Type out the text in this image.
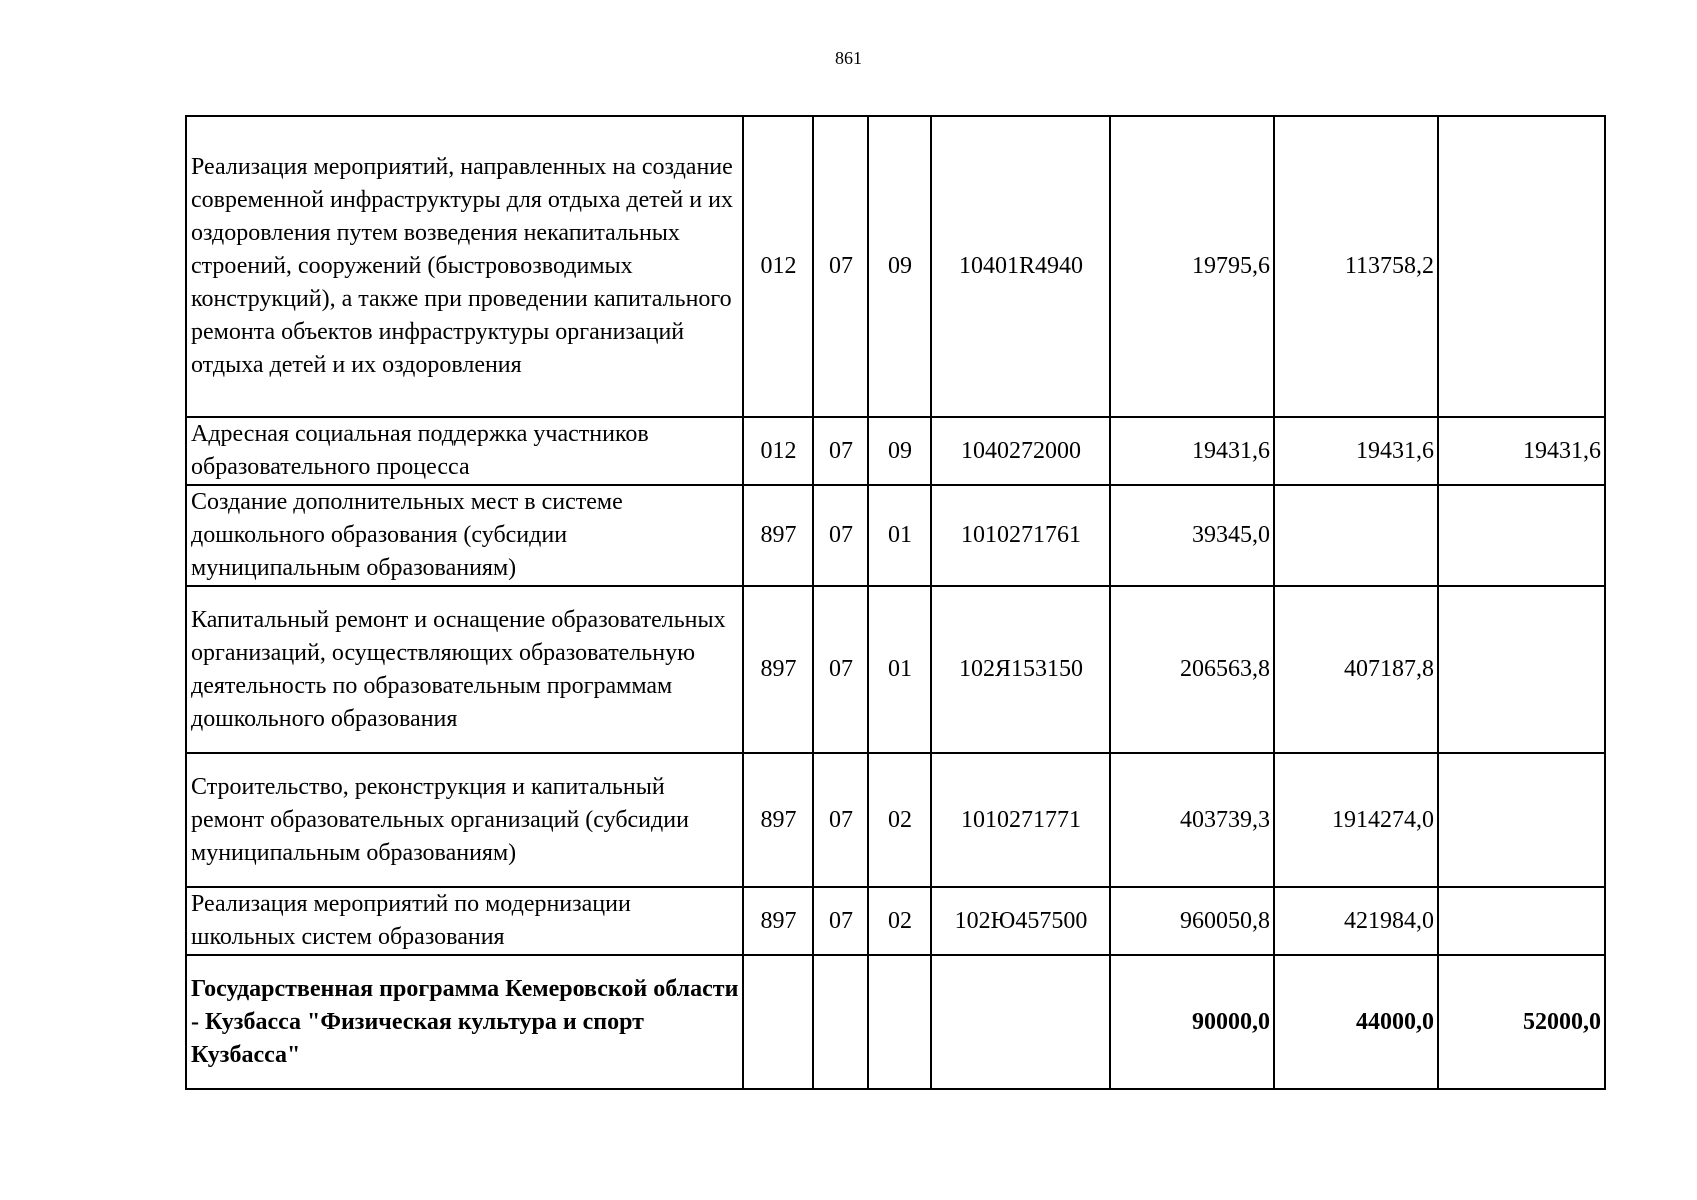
861
Реализация мероприятий, направленных на создание современной инфраструктуры для отдыха детей и их оздоровления путем возведения некапитальных строений, сооружений (быстровозводимых конструкций), а также при проведении капитального ремонта объектов инфраструктуры организаций отдыха детей и их оздоровления	012	07	09	10401R4940	19795,6	113758,2	
Адресная социальная поддержка участников образовательного процесса	012	07	09	1040272000	19431,6	19431,6	19431,6
Создание дополнительных мест в системе дошкольного образования (субсидии муниципальным образованиям)	897	07	01	1010271761	39345,0		
Капитальный ремонт и оснащение образовательных организаций, осуществляющих образовательную деятельность по образовательным программам дошкольного образования	897	07	01	102Я153150	206563,8	407187,8	
Строительство, реконструкция и капитальный ремонт образовательных организаций (субсидии муниципальным образованиям)	897	07	02	1010271771	403739,3	1914274,0	
Реализация мероприятий по модернизации школьных систем образования	897	07	02	102Ю457500	960050,8	421984,0	
Государственная программа Кемеровской области - Кузбасса "Физическая культура и спорт Кузбасса"					90000,0	44000,0	52000,0
